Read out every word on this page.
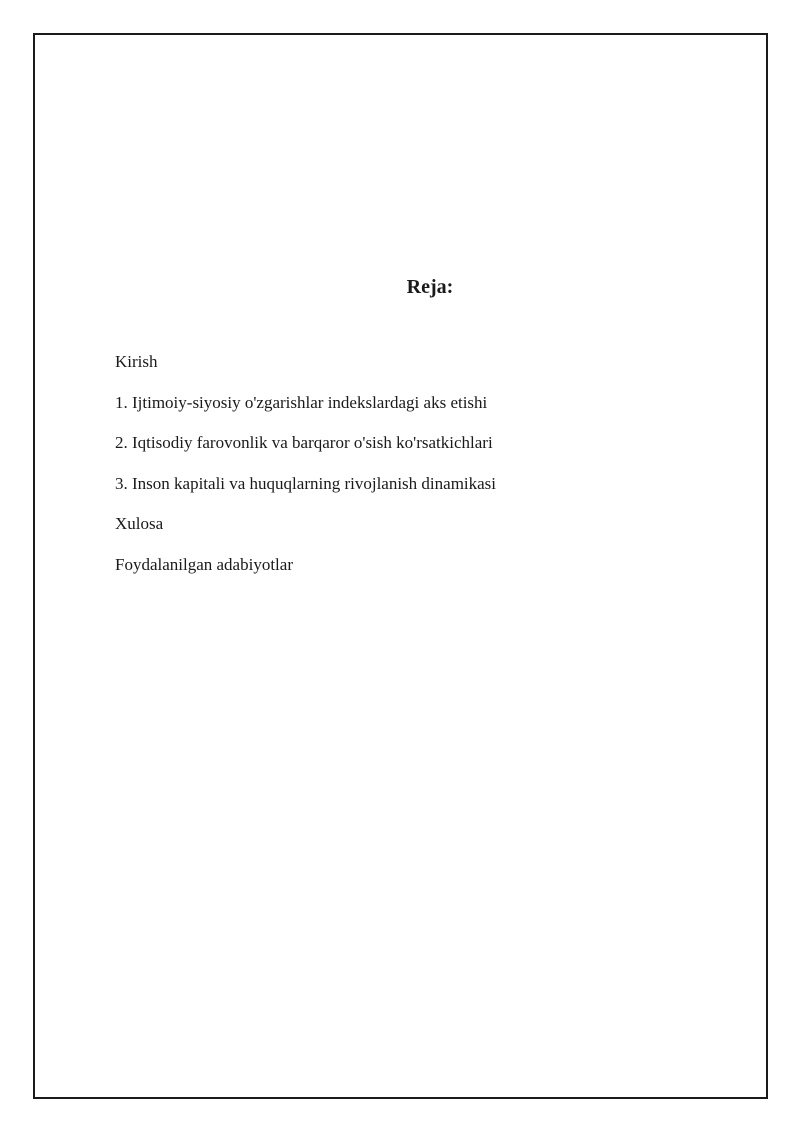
Reja:
Kirish
1. Ijtimoiy-siyosiy o'zgarishlar indekslardagi aks etishi
2. Iqtisodiy farovonlik va barqaror o'sish ko'rsatkichlari
3. Inson kapitali va huquqlarning rivojlanish dinamikasi
Xulosa
Foydalanilgan adabiyotlar
